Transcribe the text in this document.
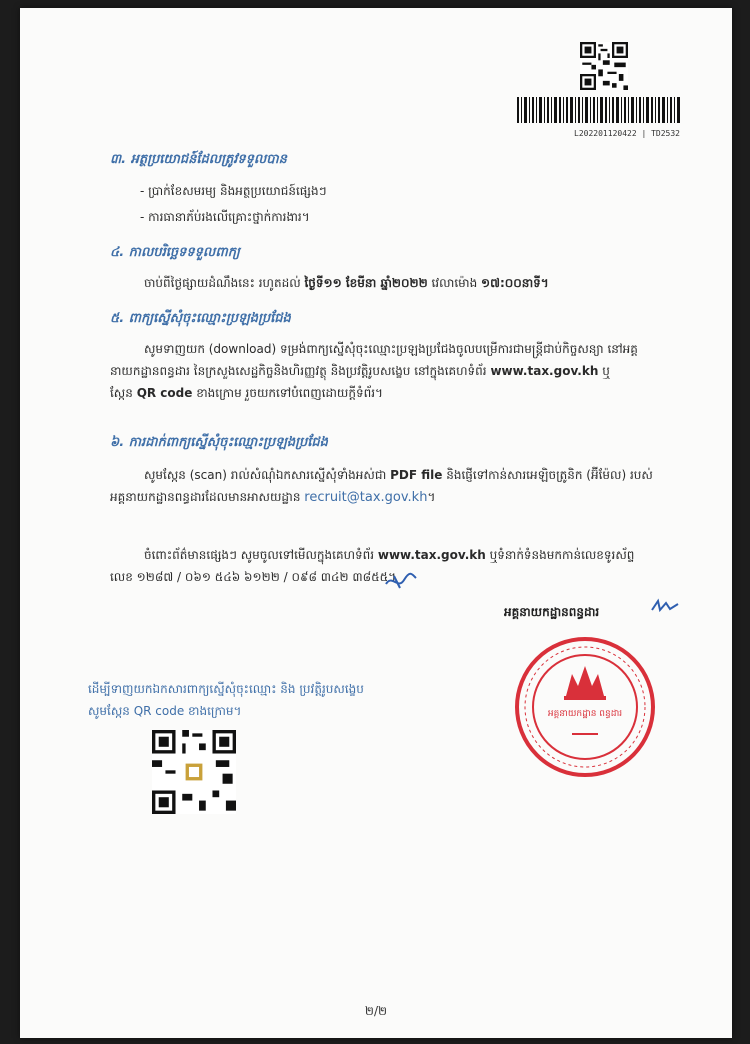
L202201120422 | TD2532
៣. អត្ថប្រយោជន៍ដែលត្រូវទទួលបាន
- ប្រាក់ខែសមរម្យ និងអត្ថប្រយោជន៍ផ្សេងៗ
- ការធានាភ័ប់រងលើគ្រោះថ្នាក់ការងារ។
៤. កាលបរិច្ឆេទទទួលពាក្យ
ចាប់ពីថ្ងៃផ្សាយដំណឹងនេះ រហូតដល់ ថ្ងៃទី១១ ខែមីនា ឆ្នាំ២០២២ វេលាម៉ោង ១៧:០០នាទី។
៥. ពាក្យស្នើសុំចុះឈ្មោះប្រឡងប្រជែង
សូមទាញយក (download) ទម្រង់ពាក្យស្នើសុំចុះឈ្មោះប្រឡងប្រជែងចូលបម្រើការជាមន្ត្រីជាប់កិច្ចសន្យា នៅអគ្គ
នាយកដ្ឋានពន្ធដារ នៃក្រសួងសេដ្ឋកិច្ចនិងហិរញ្ញវត្ថុ និងប្រវត្តិរូបសង្ខេប នៅក្នុងគេហទំព័រ www.tax.gov.kh ឬ
ស្កែន QR code ខាងក្រោម រួចយកទៅបំពេញដោយក្តីទំព័រ។
៦. ការដាក់ពាក្យស្នើសុំចុះឈ្មោះប្រឡងប្រជែង
សូមស្កែន (scan) រាល់សំណុំឯកសារស្នើសុំទាំងអស់ជា PDF file និងផ្ញើទៅកាន់សារអេឡិចត្រូនិក (អ៊ីម៉ែល) របស់
អគ្គនាយកដ្ឋានពន្ធដារដែលមានអាសយដ្ឋាន recruit@tax.gov.kh។
ចំពោះព័ត៌មានផ្សេងៗ សូមចូលទៅមើលក្នុងគេហទំព័រ www.tax.gov.kh ឬទំនាក់ទំនងមកកាន់លេខទូរស័ព្ទ
លេខ ១២៨៧ / ០៦១ ៥៤៦ ៦១២២ / ០៩៨ ៣៤២ ៣៨៥៥។
អគ្គនាយកដ្ឋានពន្ធដារ
អគ្គនាយកដ្ឋាន ពន្ធដារ
ដើម្បីទាញយកឯកសារពាក្យស្នើសុំចុះឈ្មោះ និង ប្រវត្តិរូបសង្ខេប សូមស្កែន QR code ខាងក្រោម។
២/២
